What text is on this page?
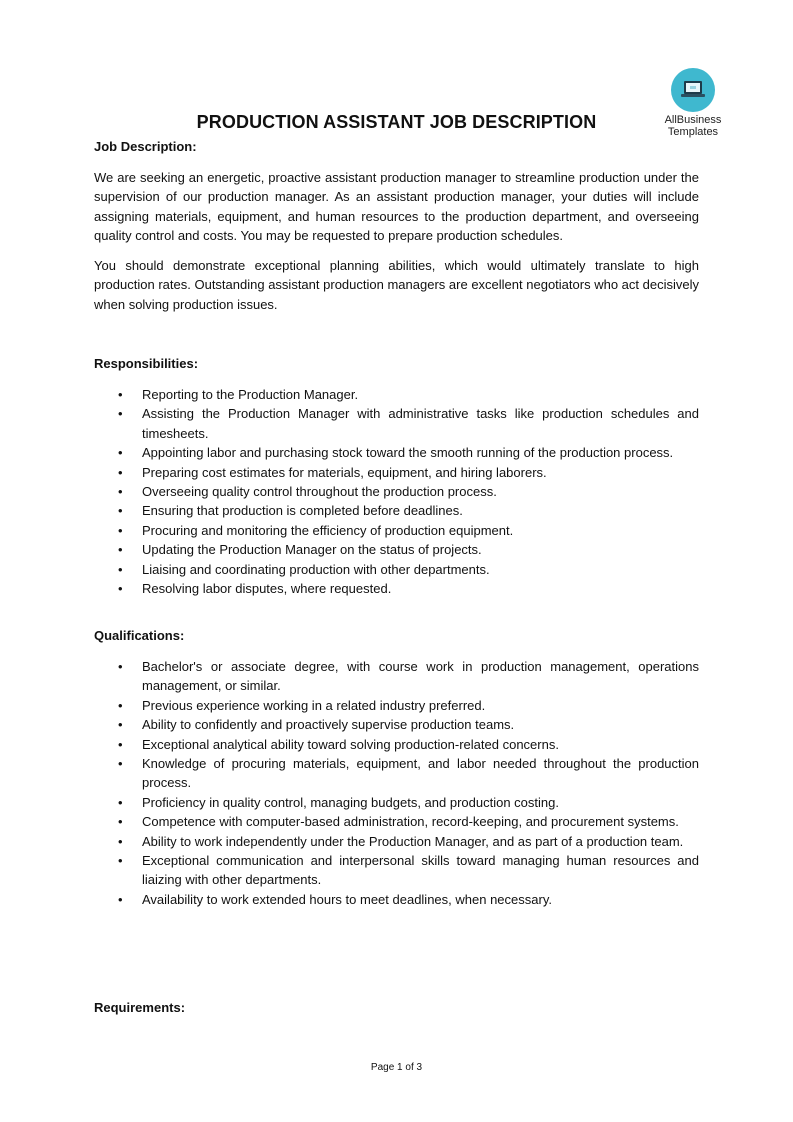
AllBusiness
Templates
PRODUCTION ASSISTANT JOB DESCRIPTION
Job Description:
We are seeking an energetic, proactive assistant production manager to streamline production under the supervision of our production manager. As an assistant production manager, your duties will include assigning materials, equipment, and human resources to the production department, and overseeing quality control and costs. You may be requested to prepare production schedules.
You should demonstrate exceptional planning abilities, which would ultimately translate to high production rates. Outstanding assistant production managers are excellent negotiators who act decisively when solving production issues.
Responsibilities:
• Reporting to the Production Manager.
• Assisting the Production Manager with administrative tasks like production schedules and timesheets.
• Appointing labor and purchasing stock toward the smooth running of the production process.
• Preparing cost estimates for materials, equipment, and hiring laborers.
• Overseeing quality control throughout the production process.
• Ensuring that production is completed before deadlines.
• Procuring and monitoring the efficiency of production equipment.
• Updating the Production Manager on the status of projects.
• Liaising and coordinating production with other departments.
• Resolving labor disputes, where requested.
Qualifications:
• Bachelor's or associate degree, with course work in production management, operations management, or similar.
• Previous experience working in a related industry preferred.
• Ability to confidently and proactively supervise production teams.
• Exceptional analytical ability toward solving production-related concerns.
• Knowledge of procuring materials, equipment, and labor needed throughout the production process.
• Proficiency in quality control, managing budgets, and production costing.
• Competence with computer-based administration, record-keeping, and procurement systems.
• Ability to work independently under the Production Manager, and as part of a production team.
• Exceptional communication and interpersonal skills toward managing human resources and liaizing with other departments.
• Availability to work extended hours to meet deadlines, when necessary.
Requirements:
Page 1 of 3
